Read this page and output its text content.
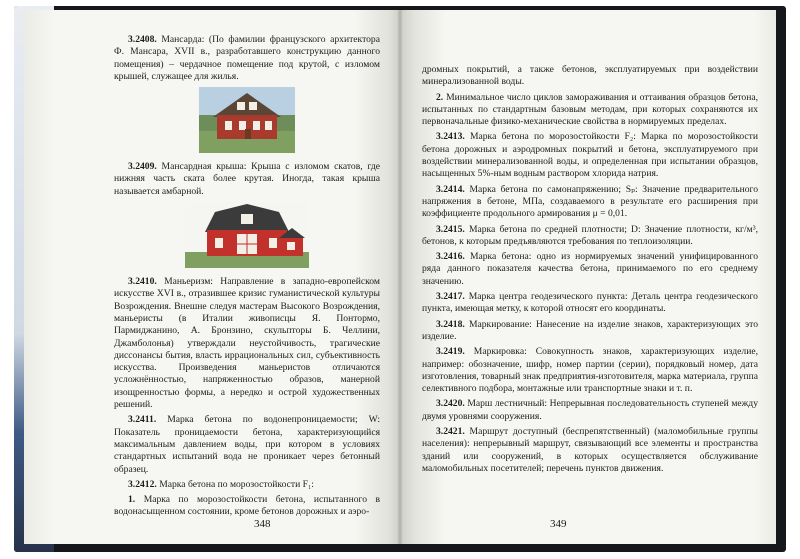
3.2408. Мансарда: (По фамилии французского архитектора Ф. Мансара, XVII в., разработавшего конструкцию данного помещения) – чердачное помещение под крутой, с изломом крышей, служащее для жилья.

3.2409. Мансардная крыша: Крыша с изломом скатов, где нижняя часть ската более крутая. Иногда, такая крыша называется амбарной.

3.2410. Маньеризм: Направление в западно-европейском искусстве XVI в., отразившее кризис гуманистической культуры Возрождения. Внешне следуя мастерам Высокого Возрождения, маньеристы (в Италии живописцы Я. Понтормо, Пармиджанино, А. Бронзино, скульпторы Б. Челлини, Джамболонья) утверждали неустойчивость, трагические диссонансы бытия, власть иррациональных сил, субъективность искусства. Произведения маньеристов отличаются усложнённостью, напряженностью образов, манерной изощренностью формы, а нередко и острой художественных решений.

3.2411. Марка бетона по водонепроницаемости; W: Показатель проницаемости бетона, характеризующийся максимальным давлением воды, при котором в условиях стандартных испытаний вода не проникает через бетонный образец.

3.2412. Марка бетона по морозостойкости F₁:

1. Марка по морозостойкости бетона, испытанного в водонасыщенном состоянии, кроме бетонов дорожных и аэро-

348

дромных покрытий, а также бетонов, эксплуатируемых при воздействии минерализованной воды.

2. Минимальное число циклов замораживания и оттаивания образцов бетона, испытанных по стандартным базовым методам, при которых сохраняются их первоначальные физико-механические свойства в нормируемых пределах.

3.2413. Марка бетона по морозостойкости F₂: Марка по морозостойкости бетона дорожных и аэродромных покрытий и бетона, эксплуатируемого при воздействии минерализованной воды, и определенная при испытании образцов, насыщенных 5%-ным водным раствором хлорида натрия.

3.2414. Марка бетона по самонапряжению; Sₚ: Значение предварительного напряжения в бетоне, МПа, создаваемого в результате его расширения при коэффициенте продольного армирования μ = 0,01.

3.2415. Марка бетона по средней плотности; D: Значение плотности, кг/м³, бетонов, к которым предъявляются требования по теплоизоляции.

3.2416. Марка бетона: одно из нормируемых значений унифицированного ряда данного показателя качества бетона, принимаемого по его среднему значению.

3.2417. Марка центра геодезического пункта: Деталь центра геодезического пункта, имеющая метку, к которой относят его координаты.

3.2418. Маркирование: Нанесение на изделие знаков, характеризующих это изделие.

3.2419. Маркировка: Совокупность знаков, характеризующих изделие, например: обозначение, шифр, номер партии (серии), порядковый номер, дата изготовления, товарный знак предприятия-изготовителя, марка материала, группа селективного подбора, монтажные или транспортные знаки и т. п.

3.2420. Марш лестничный: Непрерывная последовательность ступеней между двумя уровнями сооружения.

3.2421. Маршрут доступный (беспрепятственный) (маломобильные группы населения): непрерывный маршрут, связывающий все элементы и пространства зданий или сооружений, в которых осуществляется обслуживание маломобильных посетителей; перечень пунктов движения.

349
